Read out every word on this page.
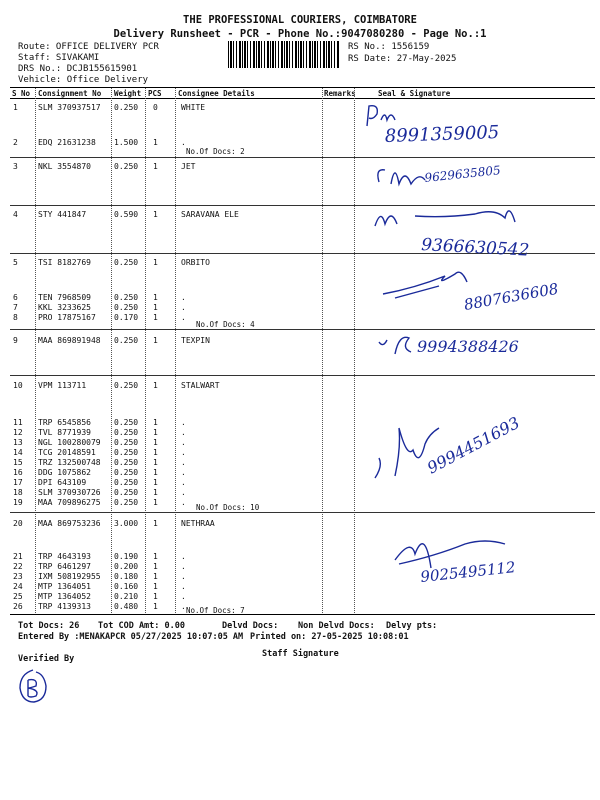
THE PROFESSIONAL COURIERS, COIMBATORE
Delivery Runsheet - PCR - Phone No.:9047080280 - Page No.:1
Route: OFFICE DELIVERY PCR
Staff: SIVAKAMI
DRS No.: DCJB155615901
Vehicle: Office Delivery
RS No.: 1556159
RS Date: 27-May-2025
S No Consignment No Weight PCS Consignee Details	Remarks	Seal & Signature
1	SLM 370937517 0.250 0	WHITE
2	EDQ 21631238 1.500 1	.
3	NKL 3554870	0.250 1	JET
4	STY 441847	0.590 1	SARAVANA ELE
5	TSI 8182769	0.250 1	ORBITO
6	TEN 7968509	0.250 1	.
7	KKL 3233625	0.250 1	.
8	PRO 17875167 0.170 1	.
9	MAA 869891948 0.250 1	TEXPIN
10 VPM 113711	0.250 1	STALWART
11 TRP 6545856	0.250 1	.
12 TVL 8771939	0.250 1	.
13 NGL 100280079 0.250 1	.
14 TCG 20148591 0.250 1	.
15 TRZ 132500748 0.250 1	.
16 DDG 1075862	0.250 1	.
17 DPI 643109	0.250 1	.
18 SLM 370930726 0.250 1	.
19 MAA 709896275 0.250 1	.
20 MAA 869753236 3.000 1	NETHRAA
21 TRP 4643193	0.190 1	.
22 TRP 6461297	0.200 1	.
23 IXM 508192955 0.180 1	.
24 MTP 1364051	0.160 1	.
25 MTP 1364052	0.210 1	.
26 TRP 4139313	0.480 1	.
No.Of Docs: 2
No.Of Docs: 4
No.Of Docs: 10
No.Of Docs: 7
8991359005
9629635805
9366630542
8807636608
9994388426
9994451693
9025495112
Tot Docs: 26 Tot COD Amt: 0.00	Delvd Docs: Non Delvd Docs: Delvy pts:
Entered By :MENAKAPCR 05/27/2025 10:07:05 AM Printed on: 27-05-2025 10:08:01
Verified By	Staff Signature
